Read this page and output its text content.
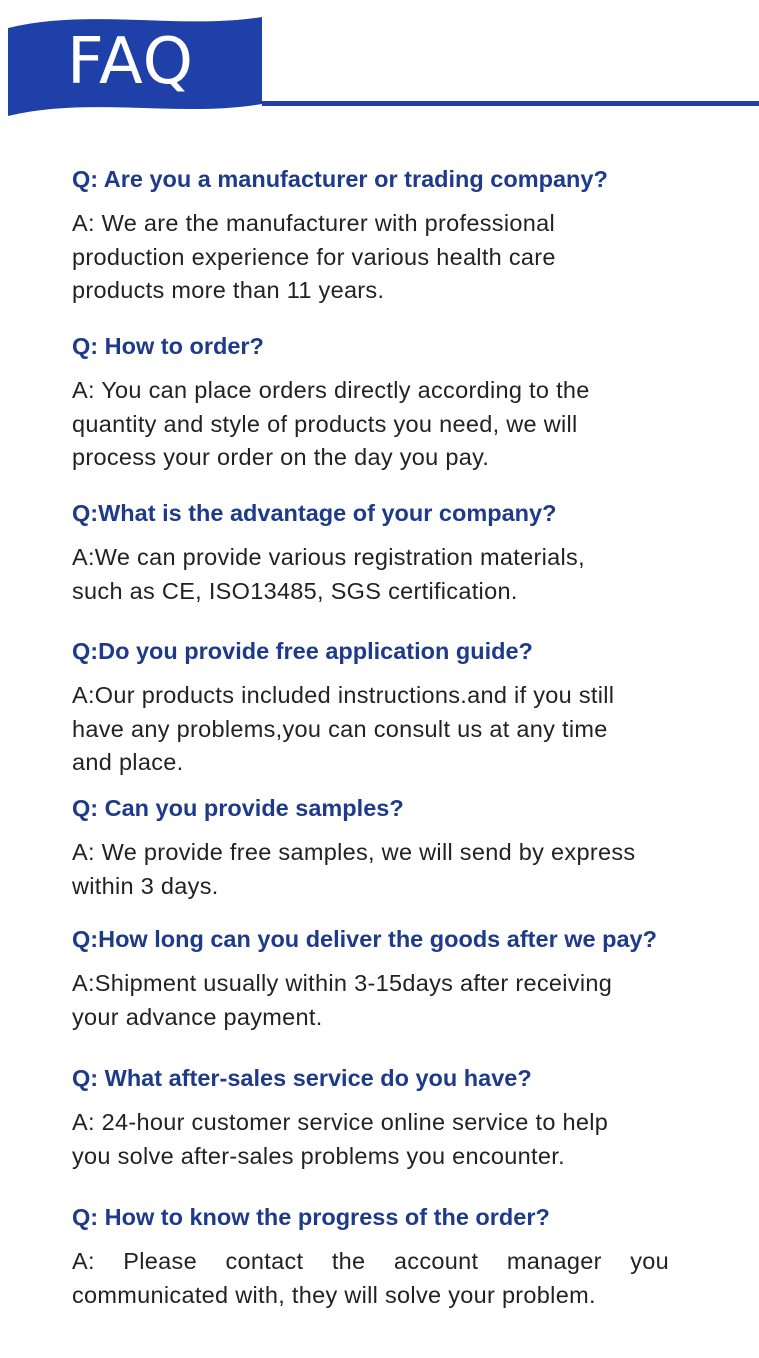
FAQ
Q: Are you a manufacturer or trading company?
A: We are the manufacturer with professional
production experience for various health care
products more than 11 years.
Q: How to order?
A: You can place orders directly according to the
quantity and style of products you need, we will
process your order on the day you pay.
Q:What is the advantage of your company?
A:We can provide various registration materials,
such as CE, ISO13485, SGS certification.
Q:Do you provide free application guide?
A:Our products included instructions.and if you still
have any problems,you can consult us at any time
and place.
Q: Can you provide samples?
A: We provide free samples, we will send by express
within 3 days.
Q:How long can you deliver the goods after we pay?
A:Shipment usually within 3-15days after receiving
your advance payment.
Q: What after-sales service do you have?
A: 24-hour customer service online service to help
you solve after-sales problems you encounter.
Q: How to know the progress of the order?
A: Please contact the account manager you communicated with, they will solve your problem.
